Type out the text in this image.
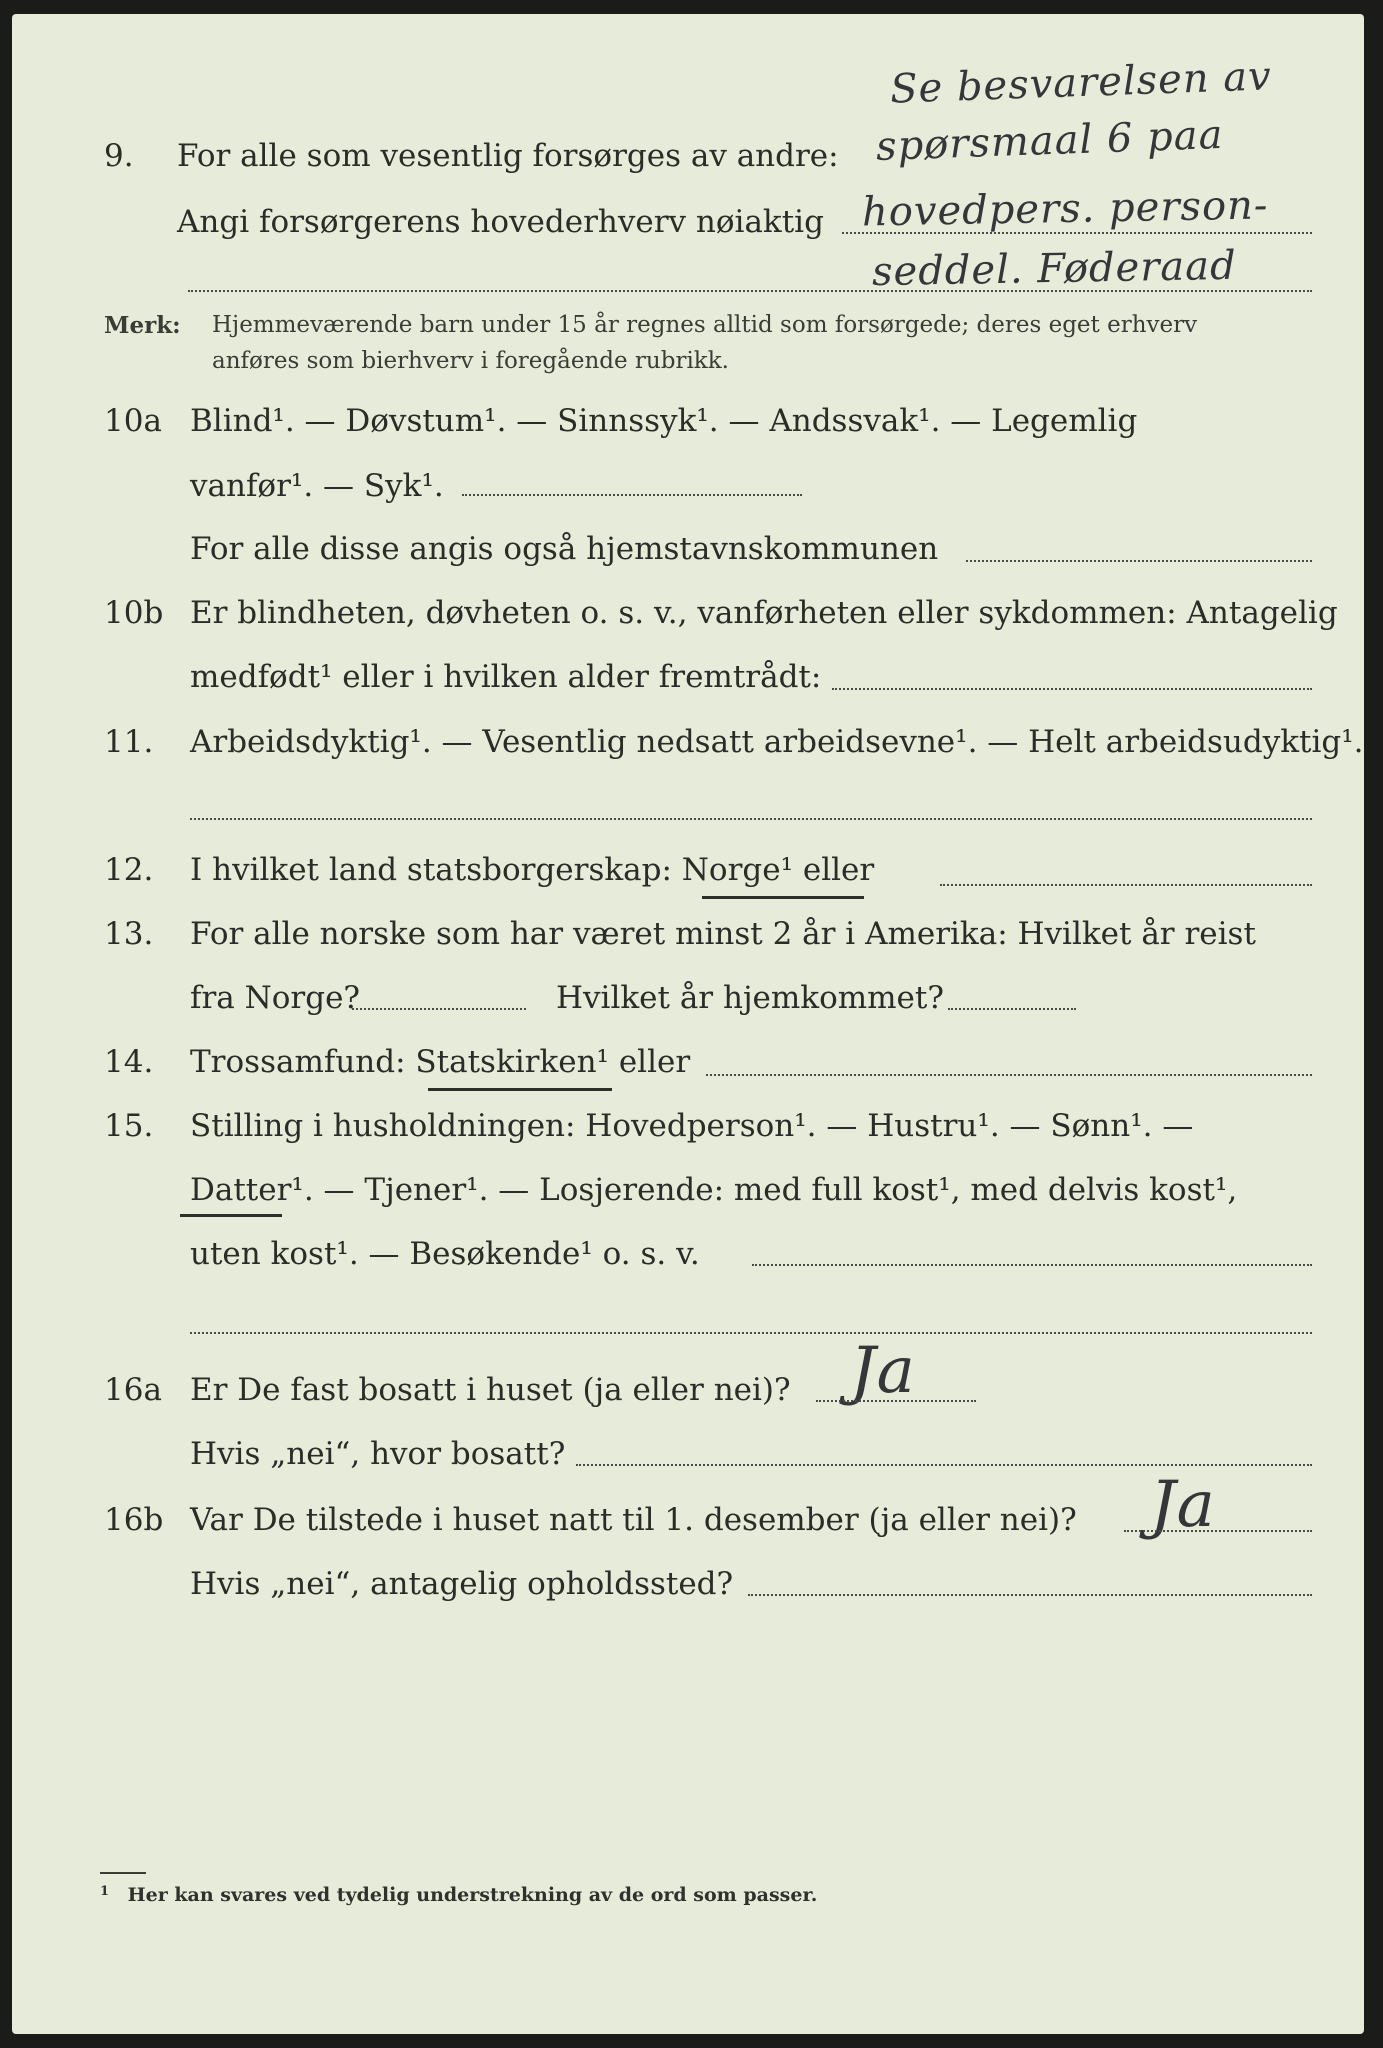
Se besvarelsen av
spørsmaal 6 paa
hovedpers. person-
seddel. Føderaad
9. For alle som vesentlig forsørges av andre:
Angi forsørgerens hovederhverv nøiaktig
Merk: Hjemmeværende barn under 15 år regnes alltid som forsørgede; deres eget erhverv
anføres som bierhverv i foregående rubrikk.
10a Blind¹. — Døvstum¹. — Sinnssyk¹. — Andssvak¹. — Legemlig
vanfør¹. — Syk¹.
For alle disse angis også hjemstavnskommunen
10b Er blindheten, døvheten o. s. v., vanførheten eller sykdommen: Antagelig
medfødt¹ eller i hvilken alder fremtrådt:
11. Arbeidsdyktig¹. — Vesentlig nedsatt arbeidsevne¹. — Helt arbeidsudyktig¹.
12. I hvilket land statsborgerskap: Norge¹ eller
13. For alle norske som har været minst 2 år i Amerika: Hvilket år reist
fra Norge?	Hvilket år hjemkommet?
14. Trossamfund: Statskirken¹ eller
15. Stilling i husholdningen: Hovedperson¹. — Hustru¹. — Sønn¹. —
Datter¹. — Tjener¹. — Losjerende: med full kost¹, med delvis kost¹,
uten kost¹. — Besøkende¹ o. s. v.
Ja
16a Er De fast bosatt i huset (ja eller nei)?
Hvis „nei“, hvor bosatt?
Ja
16b Var De tilstede i huset natt til 1. desember (ja eller nei)?
Hvis „nei“, antagelig opholdssted?
$^1$ Her kan svares ved tydelig understrekning av de ord som passer.
